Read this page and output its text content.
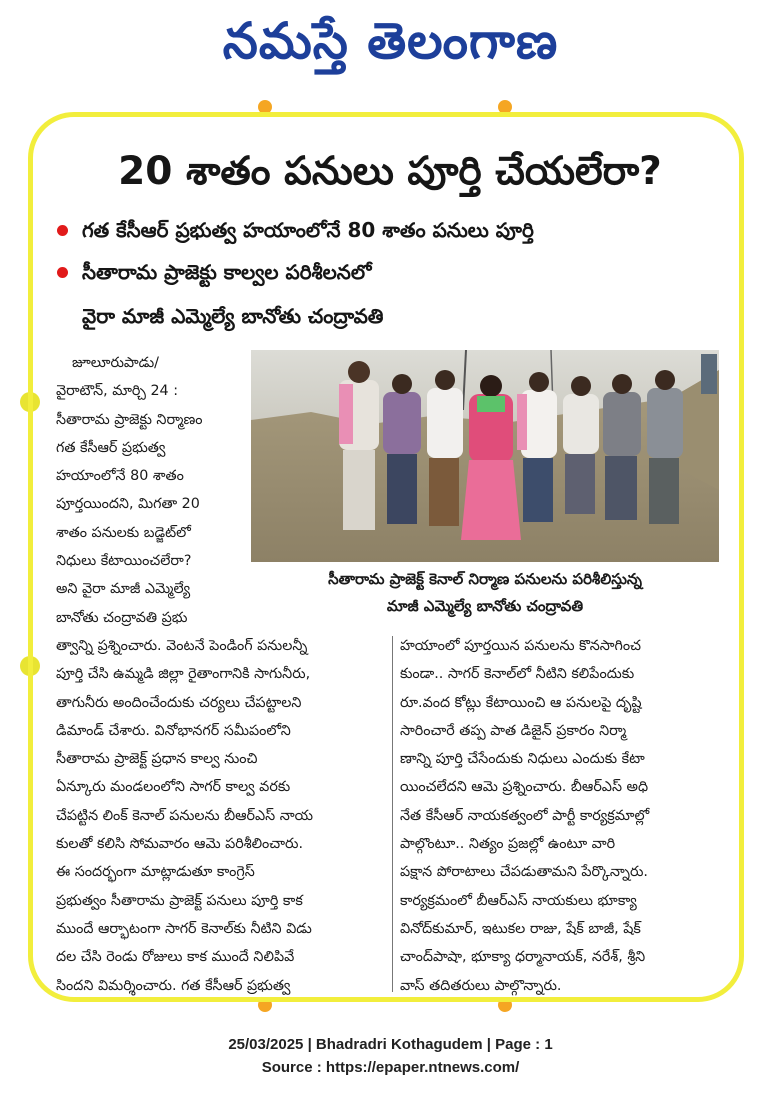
నమస్తే తెలంగాణ
20 శాతం పనులు పూర్తి చేయలేరా?
గత కేసీఆర్ ప్రభుత్వ హయాంలోనే 80 శాతం పనులు పూర్తి
సీతారామ ప్రాజెక్టు కాల్వల పరిశీలనలో
వైరా మాజీ ఎమ్మెల్యే బానోతు చంద్రావతి
జూలూరుపాడు/
వైరాటౌన్, మార్చి 24 :
సీతారామ ప్రాజెక్టు నిర్మాణం
గత కేసీఆర్ ప్రభుత్వ
హయాంలోనే 80 శాతం
పూర్తయిందని, మిగతా 20
శాతం పనులకు బడ్జెట్‌లో
నిధులు కేటాయించలేరా?
అని వైరా మాజీ ఎమ్మెల్యే
బానోతు చంద్రావతి ప్రభు
సీతారామ ప్రాజెక్ట్ కెనాల్ నిర్మాణ పనులను పరిశీలిస్తున్న
మాజీ ఎమ్మెల్యే బానోతు చంద్రావతి
త్వాన్ని ప్రశ్నించారు. వెంటనే పెండింగ్ పనులన్నీ
పూర్తి చేసి ఉమ్మడి జిల్లా రైతాంగానికి సాగునీరు,
తాగునీరు అందించేందుకు చర్యలు చేపట్టాలని
డిమాండ్ చేశారు. వినోభానగర్ సమీపంలోని
సీతారామ ప్రాజెక్ట్ ప్రధాన కాల్వ నుంచి
ఏన్కూరు మండలంలోని సాగర్ కాల్వ వరకు
చేపట్టిన లింక్ కెనాల్ పనులను బీఆర్ఎస్ నాయ
కులతో కలిసి సోమవారం ఆమె పరిశీలించారు.
ఈ సందర్భంగా మాట్లాడుతూ కాంగ్రెస్
ప్రభుత్వం సీతారామ ప్రాజెక్ట్ పనులు పూర్తి కాక
ముందే ఆర్భాటంగా సాగర్ కెనాల్‌కు నీటిని విడు
దల చేసి రెండు రోజులు కాక ముందే నిలిపివే
సిందని విమర్శించారు. గత కేసీఆర్ ప్రభుత్వ
హయాంలో పూర్తయిన పనులను కొనసాగించ
కుండా.. సాగర్ కెనాల్‌లో నీటిని కలిపేందుకు
రూ.వంద కోట్లు కేటాయించి ఆ పనులపై దృష్టి
సారించారే తప్ప పాత డిజైన్ ప్రకారం నిర్మా
ణాన్ని పూర్తి చేసేందుకు నిధులు ఎందుకు కేటా
యించలేదని ఆమె ప్రశ్నించారు. బీఆర్ఎస్ అధి
నేత కేసీఆర్ నాయకత్వంలో పార్టీ కార్యక్రమాల్లో
పాల్గొంటూ.. నిత్యం ప్రజల్లో ఉంటూ వారి
పక్షాన పోరాటాలు చేపడుతామని పేర్కొన్నారు.
కార్యక్రమంలో బీఆర్ఎస్ నాయకులు భూక్యా
వినోద్‌కుమార్, ఇటుకల రాజు, షేక్ బాజీ, షేక్
చాంద్‌పాషా, భూక్యా ధర్మానాయక్, నరేశ్, శ్రీని
వాస్ తదితరులు పాల్గొన్నారు.
25/03/2025 | Bhadradri Kothagudem | Page : 1
Source : https://epaper.ntnews.com/
